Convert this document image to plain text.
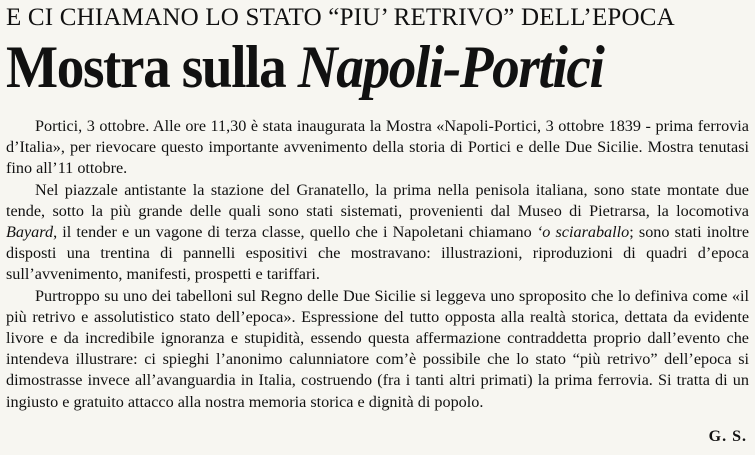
E CI CHIAMANO LO STATO “PIU’ RETRIVO” DELL’EPOCA
Mostra sulla Napoli-Portici

Portici, 3 ottobre. Alle ore 11,30 è stata inaugurata la Mostra «Napoli-Portici, 3 ottobre 1839 - prima ferrovia d’Italia», per rievocare questo importante avvenimento della storia di Portici e delle Due Sicilie. Mostra tenutasi fino all’11 ottobre.

Nel piazzale antistante la stazione del Granatello, la prima nella penisola italiana, sono state montate due tende, sotto la più grande delle quali sono stati sistemati, provenienti dal Museo di Pietrarsa, la locomotiva Bayard, il tender e un vagone di terza classe, quello che i Napoletani chiamano ‘o sciaraballo; sono stati inoltre disposti una trentina di pannelli espositivi che mostravano: illustrazioni, riproduzioni di quadri d’epoca sull’avvenimento, manifesti, prospetti e tariffari.

Purtroppo su uno dei tabelloni sul Regno delle Due Sicilie si leggeva uno sproposito che lo definiva come «il più retrivo e assolutistico stato dell’epoca». Espressione del tutto opposta alla realtà storica, dettata da evidente livore e da incredibile ignoranza e stupidità, essendo questa affermazione contraddetta proprio dall’evento che intendeva illustrare: ci spieghi l’anonimo calunniatore com’è possibile che lo stato “più retrivo” dell’epoca si dimostrasse invece all’avanguardia in Italia, costruendo (fra i tanti altri primati) la prima ferrovia. Si tratta di un ingiusto e gratuito attacco alla nostra memoria storica e dignità di popolo.

G. S.
